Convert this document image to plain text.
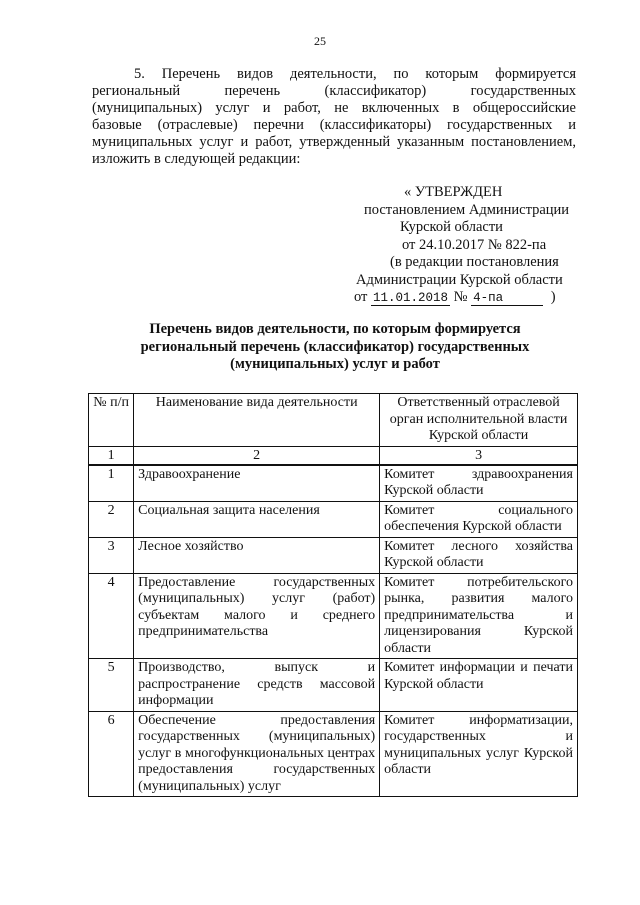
25
5. Перечень видов деятельности, по которым формируется
региональный перечень (классификатор) государственных
(муниципальных) услуг и работ, не включенных в общероссийские
базовые (отраслевые) перечни (классификаторы) государственных и
муниципальных услуг и работ, утвержденный указанным постановлением,
изложить в следующей редакции:
« УТВЕРЖДЕН
постановлением Администрации
Курской области
от 24.10.2017 № 822-па
(в редакции постановления
Администрации Курской области
от 11.01.2018 № 4-па	)
Перечень видов деятельности, по которым формируется
региональный перечень (классификатор) государственных
(муниципальных) услуг и работ
№ п/п	Наименование вида деятельности	Ответственный отраслевой орган исполнительной власти Курской области
1	2	3
1	Здравоохранение	Комитет здравоохранения Курской области
2	Социальная защита населения	Комитет социального обеспечения Курской области
3	Лесное хозяйство	Комитет лесного хозяйства Курской области
4	Предоставление государственных (муниципальных) услуг (работ) субъектам малого и среднего предпринимательства	Комитет потребительского рынка, развития малого предпринимательства и лицензирования Курской области
5	Производство, выпуск и распространение средств массовой информации	Комитет информации и печати Курской области
6	Обеспечение предоставления государственных (муниципальных) услуг в многофункциональных центрах предоставления государственных (муниципальных) услуг	Комитет информатизации, государственных и муниципальных услуг Курской области
